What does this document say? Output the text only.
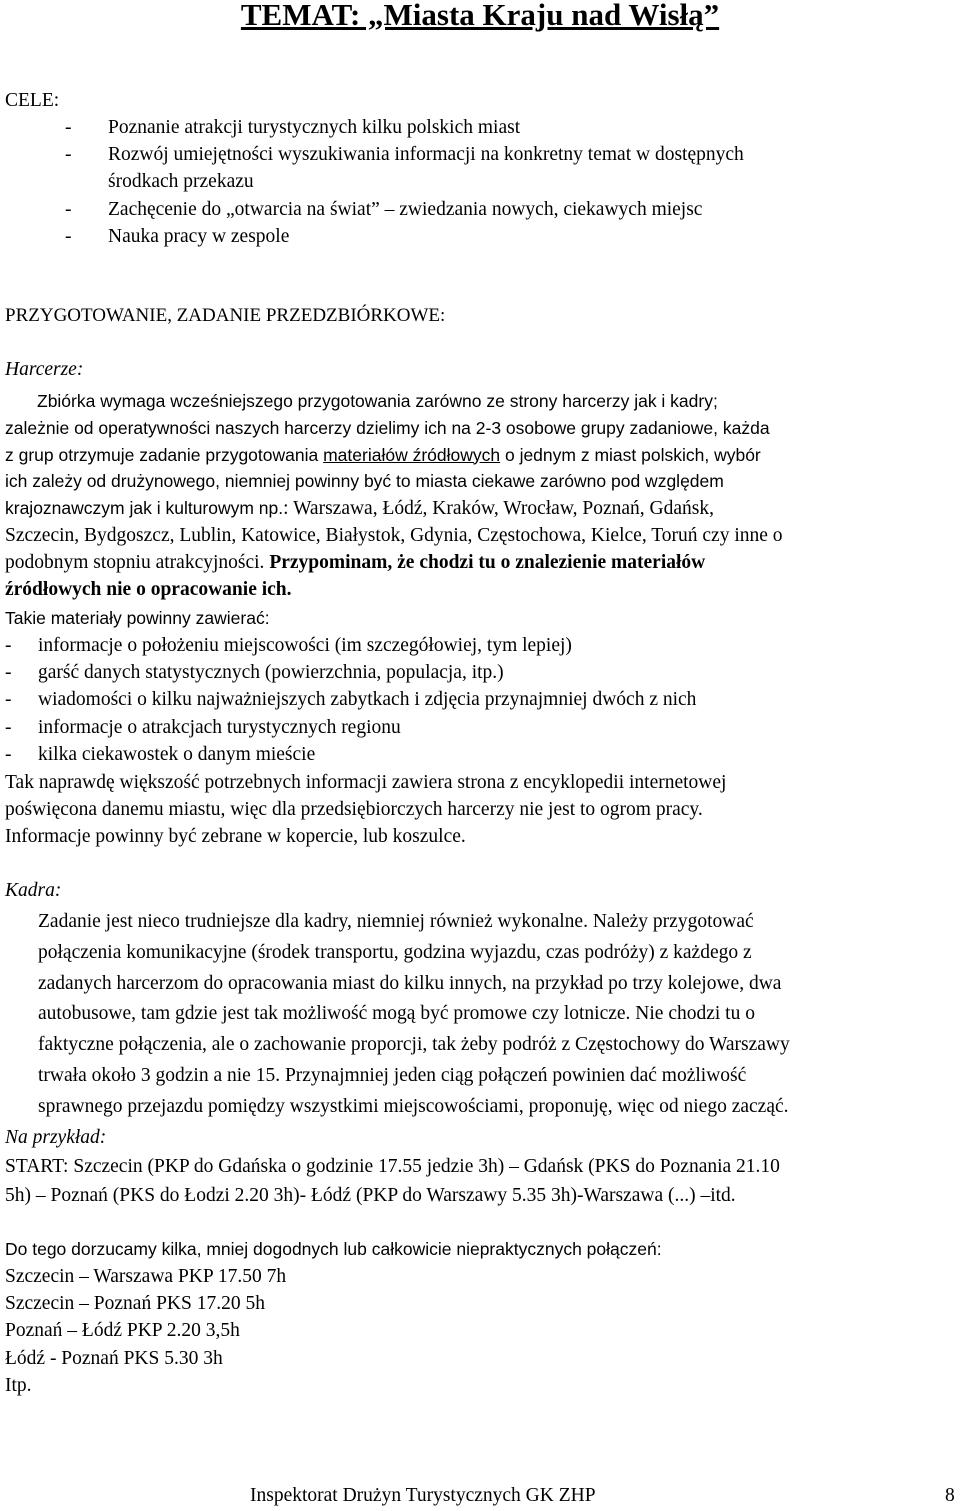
TEMAT: „Miasta Kraju nad Wisłą”
CELE:
- Poznanie atrakcji turystycznych kilku polskich miast
- Rozwój umiejętności wyszukiwania informacji na konkretny temat w dostępnych
środkach przekazu
- Zachęcenie do „otwarcia na świat” – zwiedzania nowych, ciekawych miejsc
- Nauka pracy w zespole
PRZYGOTOWANIE, ZADANIE PRZEDZBIÓRKOWE:
Harcerze:
Zbiórka wymaga wcześniejszego przygotowania zarówno ze strony harcerzy jak i kadry;
zależnie od operatywności naszych harcerzy dzielimy ich na 2-3 osobowe grupy zadaniowe, każda
z grup otrzymuje zadanie przygotowania materiałów źródłowych o jednym z miast polskich, wybór
ich zależy od drużynowego, niemniej powinny być to miasta ciekawe zarówno pod względem
krajoznawczym jak i kulturowym np.: Warszawa, Łódź, Kraków, Wrocław, Poznań, Gdańsk,
Szczecin, Bydgoszcz, Lublin, Katowice, Białystok, Gdynia, Częstochowa, Kielce, Toruń czy inne o
podobnym stopniu atrakcyjności. Przypominam, że chodzi tu o znalezienie materiałów
źródłowych nie o opracowanie ich.
Takie materiały powinny zawierać:
- informacje o położeniu miejscowości (im szczegółowiej, tym lepiej)
- garść danych statystycznych (powierzchnia, populacja, itp.)
- wiadomości o kilku najważniejszych zabytkach i zdjęcia przynajmniej dwóch z nich
- informacje o atrakcjach turystycznych regionu
- kilka ciekawostek o danym mieście
Tak naprawdę większość potrzebnych informacji zawiera strona z encyklopedii internetowej
poświęcona danemu miastu, więc dla przedsiębiorczych harcerzy nie jest to ogrom pracy.
Informacje powinny być zebrane w kopercie, lub koszulce.
Kadra:
Zadanie jest nieco trudniejsze dla kadry, niemniej również wykonalne. Należy przygotować
połączenia komunikacyjne (środek transportu, godzina wyjazdu, czas podróży) z każdego z
zadanych harcerzom do opracowania miast do kilku innych, na przykład po trzy kolejowe, dwa
autobusowe, tam gdzie jest tak możliwość mogą być promowe czy lotnicze. Nie chodzi tu o
faktyczne połączenia, ale o zachowanie proporcji, tak żeby podróż z Częstochowy do Warszawy
trwała około 3 godzin a nie 15. Przynajmniej jeden ciąg połączeń powinien dać możliwość
sprawnego przejazdu pomiędzy wszystkimi miejscowościami, proponuję, więc od niego zacząć.
Na przykład:
START: Szczecin (PKP do Gdańska o godzinie 17.55 jedzie 3h) – Gdańsk (PKS do Poznania 21.10
5h) – Poznań (PKS do Łodzi 2.20 3h)- Łódź (PKP do Warszawy 5.35 3h)-Warszawa (...) –itd.
Do tego dorzucamy kilka, mniej dogodnych lub całkowicie niepraktycznych połączeń:
Szczecin – Warszawa PKP 17.50 7h
Szczecin – Poznań PKS 17.20 5h
Poznań – Łódź PKP 2.20 3,5h
Łódź - Poznań PKS 5.30 3h
Itp.
Inspektorat Drużyn Turystycznych GK ZHP	8
